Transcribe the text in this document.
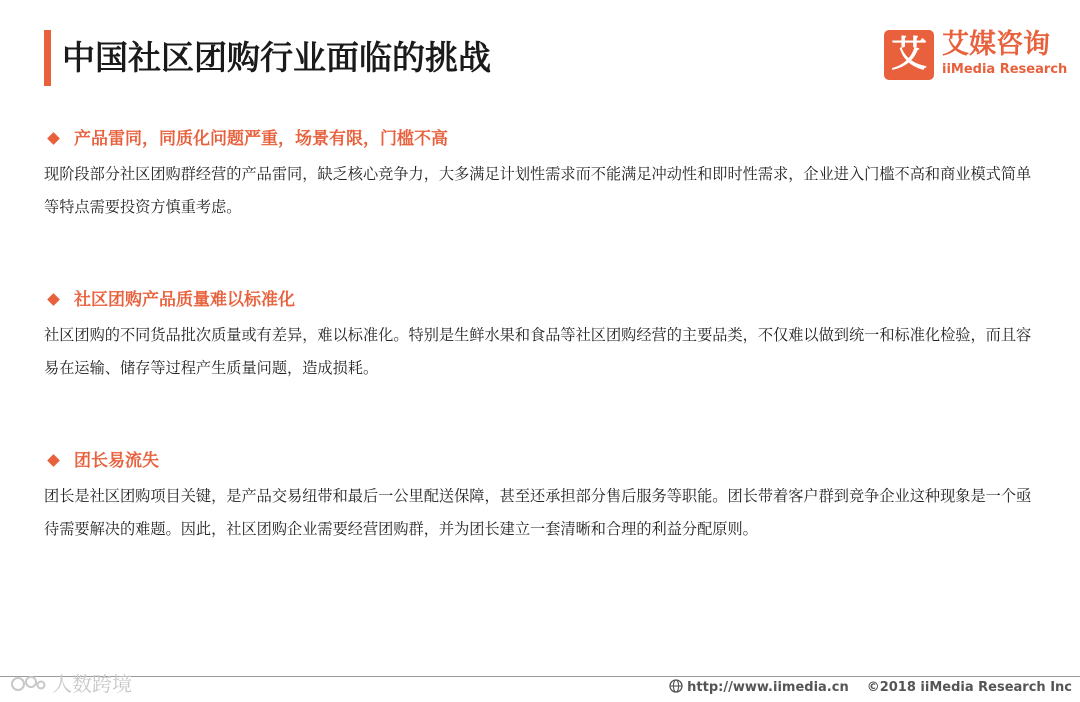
中国社区团购行业面临的挑战	艾 艾媒咨询
iiMedia Research
产品雷同，同质化问题严重，场景有限，门槛不高
现阶段部分社区团购群经营的产品雷同，缺乏核心竞争力，大多满足计划性需求而不能满足冲动性和即时性需求，企业进入门槛不高和商业模式简单等特点需要投资方慎重考虑。
社区团购产品质量难以标准化
社区团购的不同货品批次质量或有差异，难以标准化。特别是生鲜水果和食品等社区团购经营的主要品类，不仅难以做到统一和标准化检验，而且容易在运输、储存等过程产生质量问题，造成损耗。
团长易流失
团长是社区团购项目关键，是产品交易纽带和最后一公里配送保障，甚至还承担部分售后服务等职能。团长带着客户群到竞争企业这种现象是一个亟待需要解决的难题。因此，社区团购企业需要经营团购群，并为团长建立一套清晰和合理的利益分配原则。
人数跨境	http://www.iimedia.cn ©2018 iiMedia Research Inc
